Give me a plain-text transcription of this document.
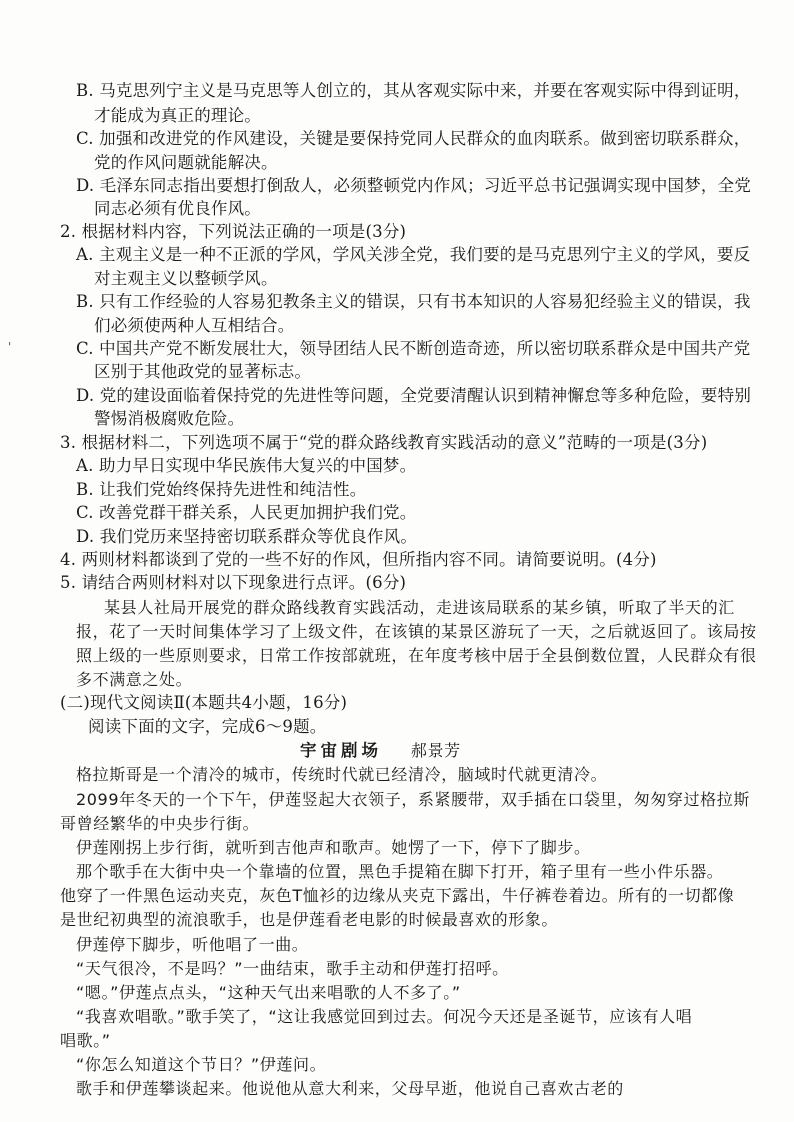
B. 马克思列宁主义是马克思等人创立的，其从客观实际中来，并要在客观实际中得到证明，
才能成为真正的理论。
C. 加强和改进党的作风建设，关键是要保持党同人民群众的血肉联系。做到密切联系群众，
党的作风问题就能解决。
D. 毛泽东同志指出要想打倒敌人，必须整顿党内作风；习近平总书记强调实现中国梦，全党
同志必须有优良作风。
2. 根据材料内容，下列说法正确的一项是(3分)
A. 主观主义是一种不正派的学风，学风关涉全党，我们要的是马克思列宁主义的学风，要反
对主观主义以整顿学风。
B. 只有工作经验的人容易犯教条主义的错误，只有书本知识的人容易犯经验主义的错误，我
们必须使两种人互相结合。
'	C. 中国共产党不断发展壮大，领导团结人民不断创造奇迹，所以密切联系群众是中国共产党
区别于其他政党的显著标志。
D. 党的建设面临着保持党的先进性等问题，全党要清醒认识到精神懈怠等多种危险，要特别
警惕消极腐败危险。
3. 根据材料二，下列选项不属于“党的群众路线教育实践活动的意义”范畴的一项是(3分)
A. 助力早日实现中华民族伟大复兴的中国梦。
B. 让我们党始终保持先进性和纯洁性。
C. 改善党群干群关系，人民更加拥护我们党。
D. 我们党历来坚持密切联系群众等优良作风。
4. 两则材料都谈到了党的一些不好的作风，但所指内容不同。请简要说明。(4分)
5. 请结合两则材料对以下现象进行点评。(6分)
某县人社局开展党的群众路线教育实践活动，走进该局联系的某乡镇，听取了半天的汇
报，花了一天时间集体学习了上级文件，在该镇的某景区游玩了一天，之后就返回了。该局按
照上级的一些原则要求，日常工作按部就班，在年度考核中居于全县倒数位置，人民群众有很
多不满意之处。
(二)现代文阅读Ⅱ(本题共4小题，16分)
阅读下面的文字，完成6～9题。
宇宙剧场 郝景芳
格拉斯哥是一个清冷的城市，传统时代就已经清冷，脑域时代就更清冷。
2099年冬天的一个下午，伊莲竖起大衣领子，系紧腰带，双手插在口袋里，匆匆穿过格拉斯
哥曾经繁华的中央步行街。
伊莲刚拐上步行街，就听到吉他声和歌声。她愣了一下，停下了脚步。
那个歌手在大街中央一个靠墙的位置，黑色手提箱在脚下打开，箱子里有一些小件乐器。
他穿了一件黑色运动夹克，灰色T恤衫的边缘从夹克下露出，牛仔裤卷着边。所有的一切都像
是世纪初典型的流浪歌手，也是伊莲看老电影的时候最喜欢的形象。
伊莲停下脚步，听他唱了一曲。
“天气很冷，不是吗？”一曲结束，歌手主动和伊莲打招呼。
“嗯。”伊莲点点头，“这种天气出来唱歌的人不多了。”
“我喜欢唱歌。”歌手笑了，“这让我感觉回到过去。何况今天还是圣诞节，应该有人唱
唱歌。”
“你怎么知道这个节日？”伊莲问。
歌手和伊莲攀谈起来。他说他从意大利来，父母早逝，他说自己喜欢古老的
